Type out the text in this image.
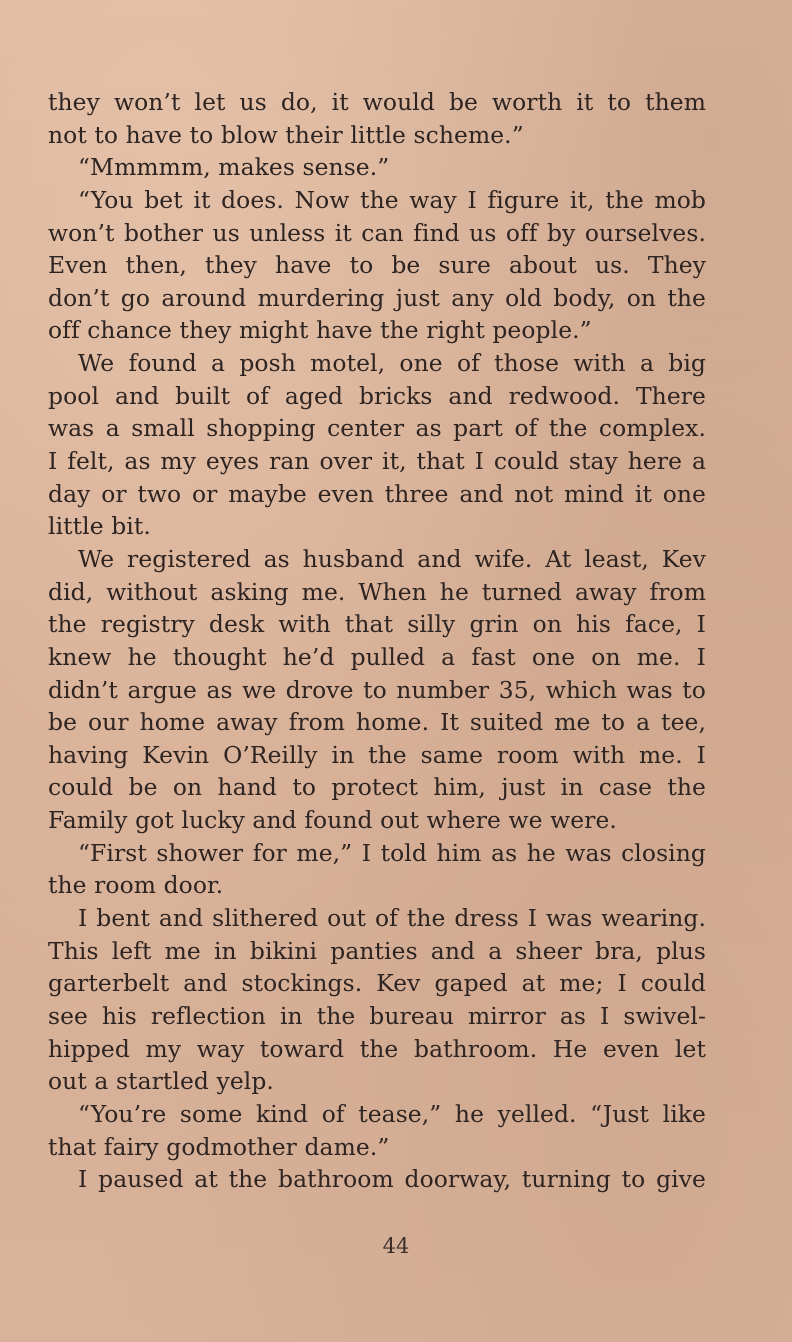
they won’t let us do, it would be worth it to them
not to have to blow their little scheme.”
“Mmmmm, makes sense.”
“You bet it does. Now the way I figure it, the mob
won’t bother us unless it can find us off by ourselves.
Even then, they have to be sure about us. They
don’t go around murdering just any old body, on the
off chance they might have the right people.”
We found a posh motel, one of those with a big
pool and built of aged bricks and redwood. There
was a small shopping center as part of the complex.
I felt, as my eyes ran over it, that I could stay here a
day or two or maybe even three and not mind it one
little bit.
We registered as husband and wife. At least, Kev
did, without asking me. When he turned away from
the registry desk with that silly grin on his face, I
knew he thought he’d pulled a fast one on me. I
didn’t argue as we drove to number 35, which was to
be our home away from home. It suited me to a tee,
having Kevin O’Reilly in the same room with me. I
could be on hand to protect him, just in case the
Family got lucky and found out where we were.
“First shower for me,” I told him as he was closing
the room door.
I bent and slithered out of the dress I was wearing.
This left me in bikini panties and a sheer bra, plus
garterbelt and stockings. Kev gaped at me; I could
see his reflection in the bureau mirror as I swivel-
hipped my way toward the bathroom. He even let
out a startled yelp.
“You’re some kind of tease,” he yelled. “Just like
that fairy godmother dame.”
I paused at the bathroom doorway, turning to give
44
